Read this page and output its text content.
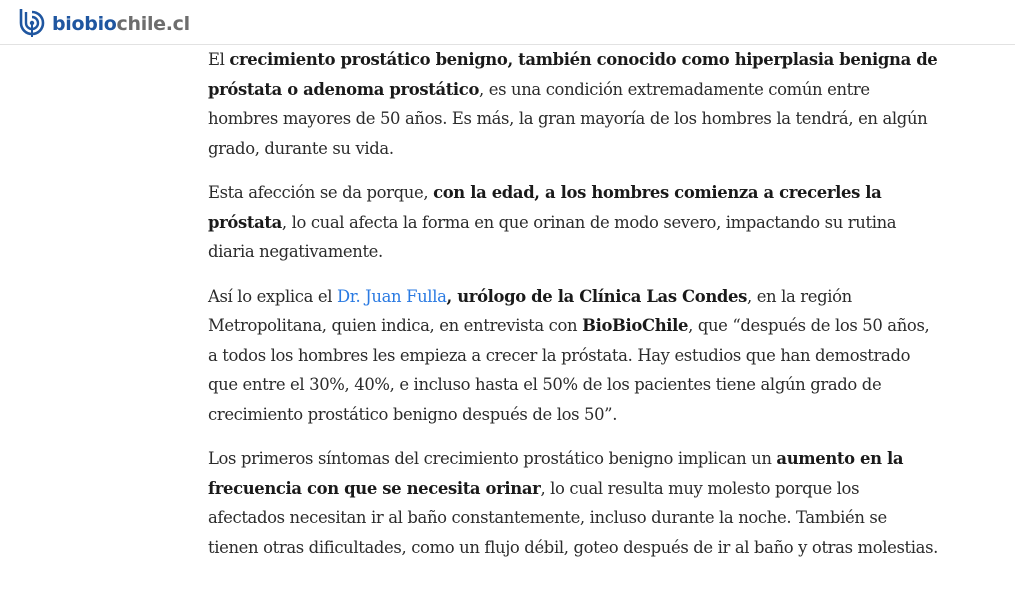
biobiochile.cl

El crecimiento prostático benigno, también conocido como hiperplasia benigna de próstata o adenoma prostático, es una condición extremadamente común entre hombres mayores de 50 años. Es más, la gran mayoría de los hombres la tendrá, en algún grado, durante su vida.

Esta afección se da porque, con la edad, a los hombres comienza a crecerles la próstata, lo cual afecta la forma en que orinan de modo severo, impactando su rutina diaria negativamente.

Así lo explica el Dr. Juan Fulla, urólogo de la Clínica Las Condes, en la región Metropolitana, quien indica, en entrevista con BioBioChile, que “después de los 50 años, a todos los hombres les empieza a crecer la próstata. Hay estudios que han demostrado que entre el 30%, 40%, e incluso hasta el 50% de los pacientes tiene algún grado de crecimiento prostático benigno después de los 50”.

Los primeros síntomas del crecimiento prostático benigno implican un aumento en la frecuencia con que se necesita orinar, lo cual resulta muy molesto porque los afectados necesitan ir al baño constantemente, incluso durante la noche. También se tienen otras dificultades, como un flujo débil, goteo después de ir al baño y otras molestias.
